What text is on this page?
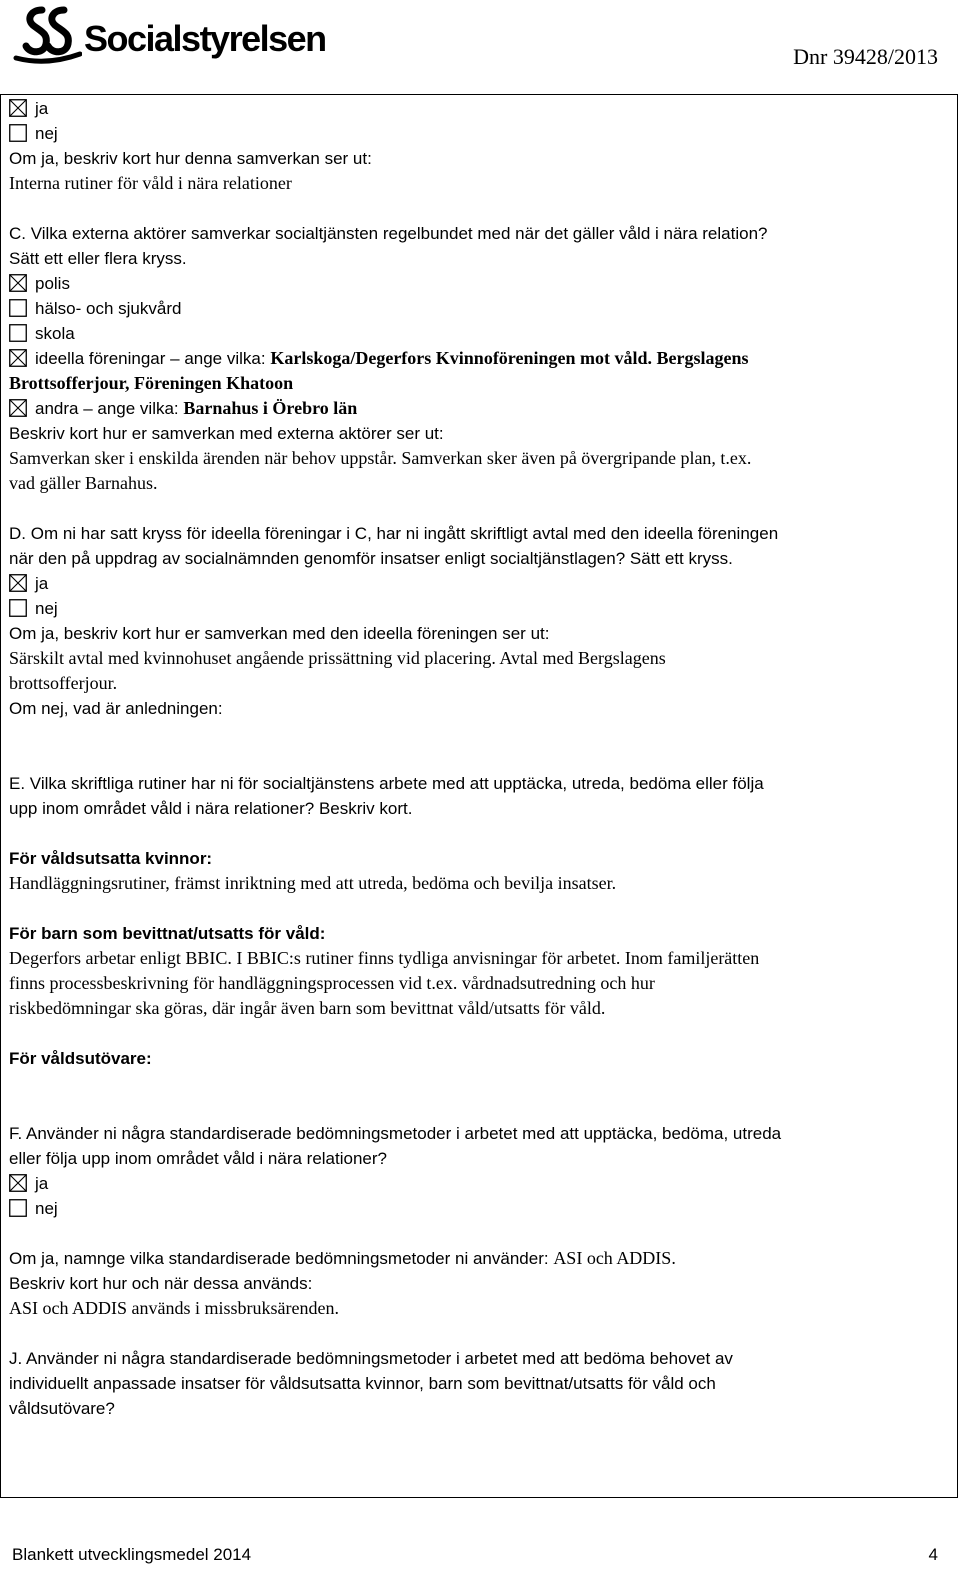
Socialstyrelsen	Dnr 39428/2013
ja
nej
Om ja, beskriv kort hur denna samverkan ser ut:
Interna rutiner för våld i nära relationer
C. Vilka externa aktörer samverkar socialtjänsten regelbundet med när det gäller våld i nära relation?
Sätt ett eller flera kryss.
polis
hälso- och sjukvård
skola
ideella föreningar – ange vilka: Karlskoga/Degerfors Kvinnoföreningen mot våld. Bergslagens
Brottsofferjour, Föreningen Khatoon
andra – ange vilka: Barnahus i Örebro län
Beskriv kort hur er samverkan med externa aktörer ser ut:
Samverkan sker i enskilda ärenden när behov uppstår. Samverkan sker även på övergripande plan, t.ex.
vad gäller Barnahus.
D. Om ni har satt kryss för ideella föreningar i C, har ni ingått skriftligt avtal med den ideella föreningen
när den på uppdrag av socialnämnden genomför insatser enligt socialtjänstlagen? Sätt ett kryss.
ja
nej
Om ja, beskriv kort hur er samverkan med den ideella föreningen ser ut:
Särskilt avtal med kvinnohuset angående prissättning vid placering. Avtal med Bergslagens
brottsofferjour.
Om nej, vad är anledningen:
E. Vilka skriftliga rutiner har ni för socialtjänstens arbete med att upptäcka, utreda, bedöma eller följa
upp inom området våld i nära relationer? Beskriv kort.
För våldsutsatta kvinnor:
Handläggningsrutiner, främst inriktning med att utreda, bedöma och bevilja insatser.
För barn som bevittnat/utsatts för våld:
Degerfors arbetar enligt BBIC. I BBIC:s rutiner finns tydliga anvisningar för arbetet. Inom familjerätten
finns processbeskrivning för handläggningsprocessen vid t.ex. vårdnadsutredning och hur
riskbedömningar ska göras, där ingår även barn som bevittnat våld/utsatts för våld.
För våldsutövare:
F. Använder ni några standardiserade bedömningsmetoder i arbetet med att upptäcka, bedöma, utreda
eller följa upp inom området våld i nära relationer?
ja
nej
Om ja, namnge vilka standardiserade bedömningsmetoder ni använder: ASI och ADDIS.
Beskriv kort hur och när dessa används:
ASI och ADDIS används i missbruksärenden.
J. Använder ni några standardiserade bedömningsmetoder i arbetet med att bedöma behovet av
individuellt anpassade insatser för våldsutsatta kvinnor, barn som bevittnat/utsatts för våld och
våldsutövare?
Blankett utvecklingsmedel 2014	4
